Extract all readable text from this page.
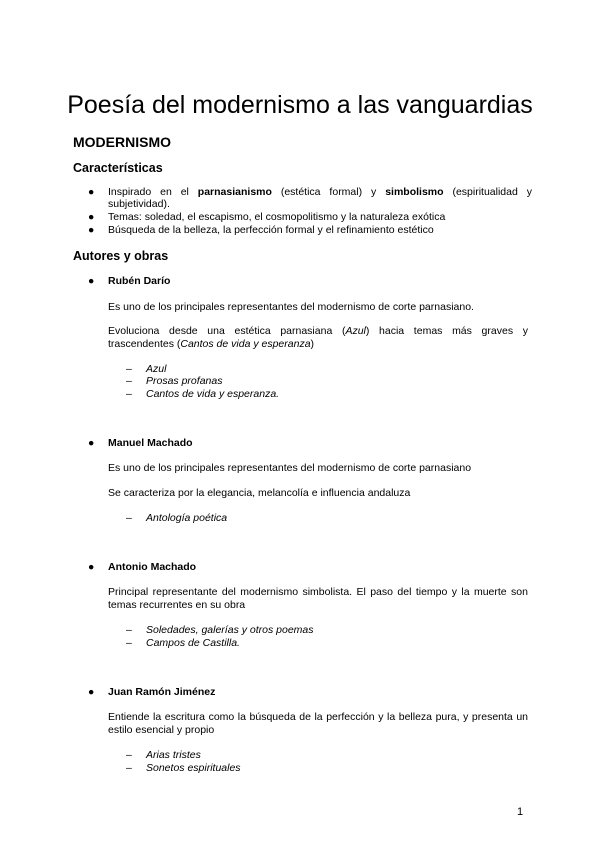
Poesía del modernismo a las vanguardias
MODERNISMO
Características
●	Inspirado en el parnasianismo (estética formal) y simbolismo (espiritualidad y subjetividad).
●	Temas: soledad, el escapismo, el cosmopolitismo y la naturaleza exótica
●	Búsqueda de la belleza, la perfección formal y el refinamiento estético
Autores y obras
● Rubén Darío

Es uno de los principales representantes del modernismo de corte parnasiano.

Evoluciona desde una estética parnasiana (Azul) hacia temas más graves y trascendentes (Cantos de vida y esperanza)

– Azul
– Prosas profanas
– Cantos de vida y esperanza.
● Manuel Machado

Es uno de los principales representantes del modernismo de corte parnasiano

Se caracteriza por la elegancia, melancolía e influencia andaluza

– Antología poética
● Antonio Machado

Principal representante del modernismo simbolista. El paso del tiempo y la muerte son temas recurrentes en su obra

– Soledades, galerías y otros poemas
– Campos de Castilla.
● Juan Ramón Jiménez

Entiende la escritura como la búsqueda de la perfección y la belleza pura, y presenta un estilo esencial y propio

– Arias tristes
– Sonetos espirituales
1
